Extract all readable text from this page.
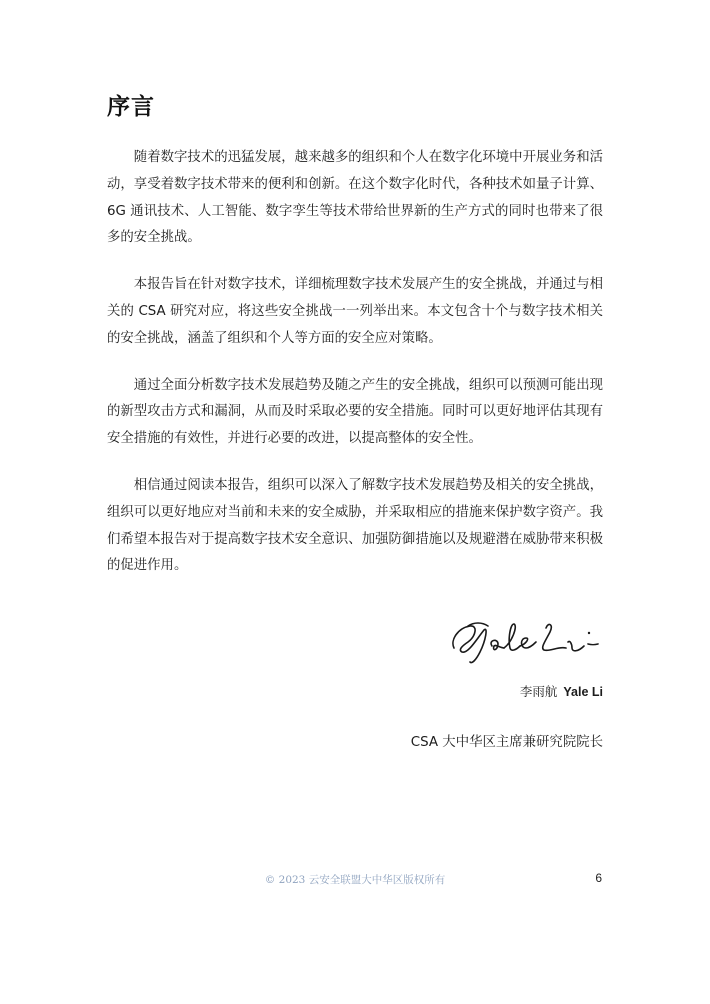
序言

随着数字技术的迅猛发展，越来越多的组织和个人在数字化环境中开展业务和活动，享受着数字技术带来的便利和创新。在这个数字化时代，各种技术如量子计算、6G 通讯技术、人工智能、数字孪生等技术带给世界新的生产方式的同时也带来了很多的安全挑战。

本报告旨在针对数字技术，详细梳理数字技术发展产生的安全挑战，并通过与相关的 CSA 研究对应，将这些安全挑战一一列举出来。本文包含十个与数字技术相关的安全挑战，涵盖了组织和个人等方面的安全应对策略。

通过全面分析数字技术发展趋势及随之产生的安全挑战，组织可以预测可能出现的新型攻击方式和漏洞，从而及时采取必要的安全措施。同时可以更好地评估其现有安全措施的有效性，并进行必要的改进，以提高整体的安全性。

相信通过阅读本报告，组织可以深入了解数字技术发展趋势及相关的安全挑战，组织可以更好地应对当前和未来的安全威胁，并采取相应的措施来保护数字资产。我们希望本报告对于提高数字技术安全意识、加强防御措施以及规避潜在威胁带来积极的促进作用。

李雨航 Yale Li
CSA 大中华区主席兼研究院院长
© 2023 云安全联盟大中华区版权所有	6
